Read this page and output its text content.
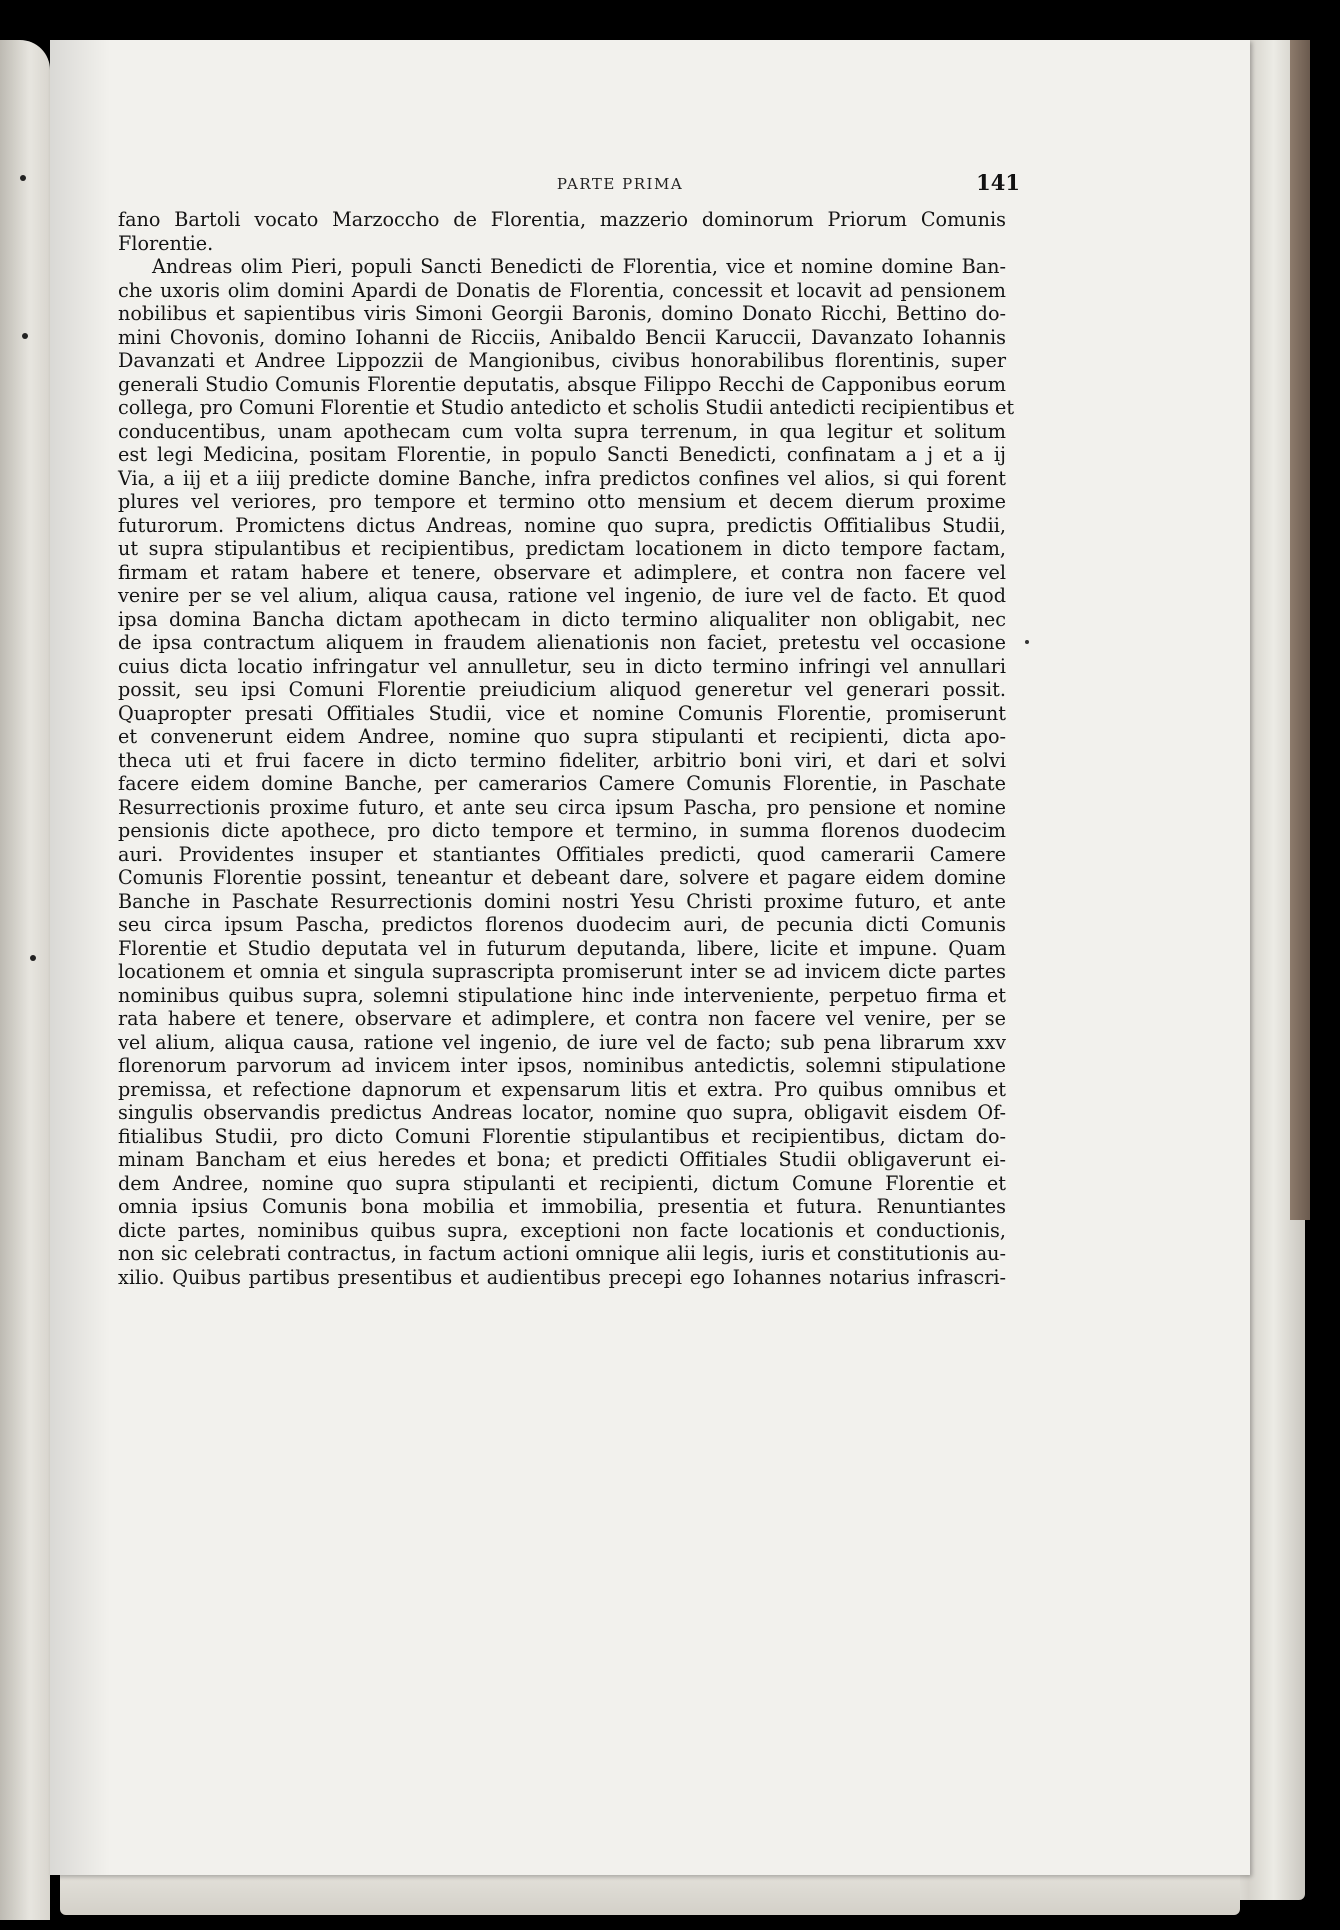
PARTE PRIMA	141
fano Bartoli vocato Marzocchо de Florentia, mazzerio dominorum Priorum Comunis
Florentie.
Andreas olim Pieri, populi Sancti Benedicti de Florentia, vice et nomine domine Ban-
che uxoris olim domini Apardi de Donatis de Florentia, concessit et locavit ad pensionem
nobilibus et sapientibus viris Simoni Georgii Baronis, domino Donato Ricchi, Bettino do-
mini Chovonis, domino Iohanni de Ricciis, Anibaldo Bencii Karuccii, Davanzato Iohannis
Davanzati et Andree Lippozzii de Mangionibus, civibus honorabilibus florentinis, super
generali Studio Comunis Florentie deputatis, absque Filippo Recchi de Capponibus eorum
collega, pro Comuni Florentie et Studio antedicto et scholis Studii antedicti recipientibus et
conducentibus, unam apothecam cum volta supra terrenum, in qua legitur et solitum
est legi Medicina, positam Florentie, in populo Sancti Benedicti, confinatam a j et a ij
Via, a iij et a iiij predicte domine Banche, infra predictos confines vel alios, si qui forent
plures vel veriores, pro tempore et termino otto mensium et decem dierum proxime
futurorum. Promictens dictus Andreas, nomine quo supra, predictis Offitialibus Studii,
ut supra stipulantibus et recipientibus, predictam locationem in dicto tempore factam,
firmam et ratam habere et tenere, observare et adimplere, et contra non facere vel
venire per se vel alium, aliqua causa, ratione vel ingenio, de iure vel de facto. Et quod
ipsa domina Bancha dictam apothecam in dicto termino aliqualiter non obligabit, nec
de ipsa contractum aliquem in fraudem alienationis non faciet, pretestu vel occasione
cuius dicta locatio infringatur vel annulletur, seu in dicto termino infringi vel annullari
possit, seu ipsi Comuni Florentie preiudicium aliquod generetur vel generari possit.
Quapropter presati Offitiales Studii, vice et nomine Comunis Florentie, promiserunt
et convenerunt eidem Andree, nomine quo supra stipulanti et recipienti, dicta apo-
theca uti et frui facere in dicto termino fideliter, arbitrio boni viri, et dari et solvi
facere eidem domine Banche, per camerarios Camere Comunis Florentie, in Paschate
Resurrectionis proxime futuro, et ante seu circa ipsum Pascha, pro pensione et nomine
pensionis dicte apothece, pro dicto tempore et termino, in summa florenos duodecim
auri. Providentes insuper et stantiantes Offitiales predicti, quod camerarii Camere
Comunis Florentie possint, teneantur et debeant dare, solvere et pagare eidem domine
Banche in Paschate Resurrectionis domini nostri Yesu Christi proxime futuro, et ante
seu circa ipsum Pascha, predictos florenos duodecim auri, de pecunia dicti Comunis
Florentie et Studio deputata vel in futurum deputanda, libere, licite et impune. Quam
locationem et omnia et singula suprascripta promiserunt inter se ad invicem dicte partes
nominibus quibus supra, solemni stipulatione hinc inde interveniente, perpetuo firma et
rata habere et tenere, observare et adimplere, et contra non facere vel venire, per se
vel alium, aliqua causa, ratione vel ingenio, de iure vel de facto; sub pena librarum xxv
florenorum parvorum ad invicem inter ipsos, nominibus antedictis, solemni stipulatione
premissa, et refectione dapnorum et expensarum litis et extra. Pro quibus omnibus et
singulis observandis predictus Andreas locator, nomine quo supra, obligavit eisdem Of-
fitialibus Studii, pro dicto Comuni Florentie stipulantibus et recipientibus, dictam do-
minam Bancham et eius heredes et bona; et predicti Offitiales Studii obligaverunt ei-
dem Andree, nomine quo supra stipulanti et recipienti, dictum Comune Florentie et
omnia ipsius Comunis bona mobilia et immobilia, presentia et futura. Renuntiantes
dicte partes, nominibus quibus supra, exceptioni non facte locationis et conductionis,
non sic celebrati contractus, in factum actioni omnique alii legis, iuris et constitutionis au-
xilio. Quibus partibus presentibus et audientibus precepi ego Iohannes notarius infrascri-
